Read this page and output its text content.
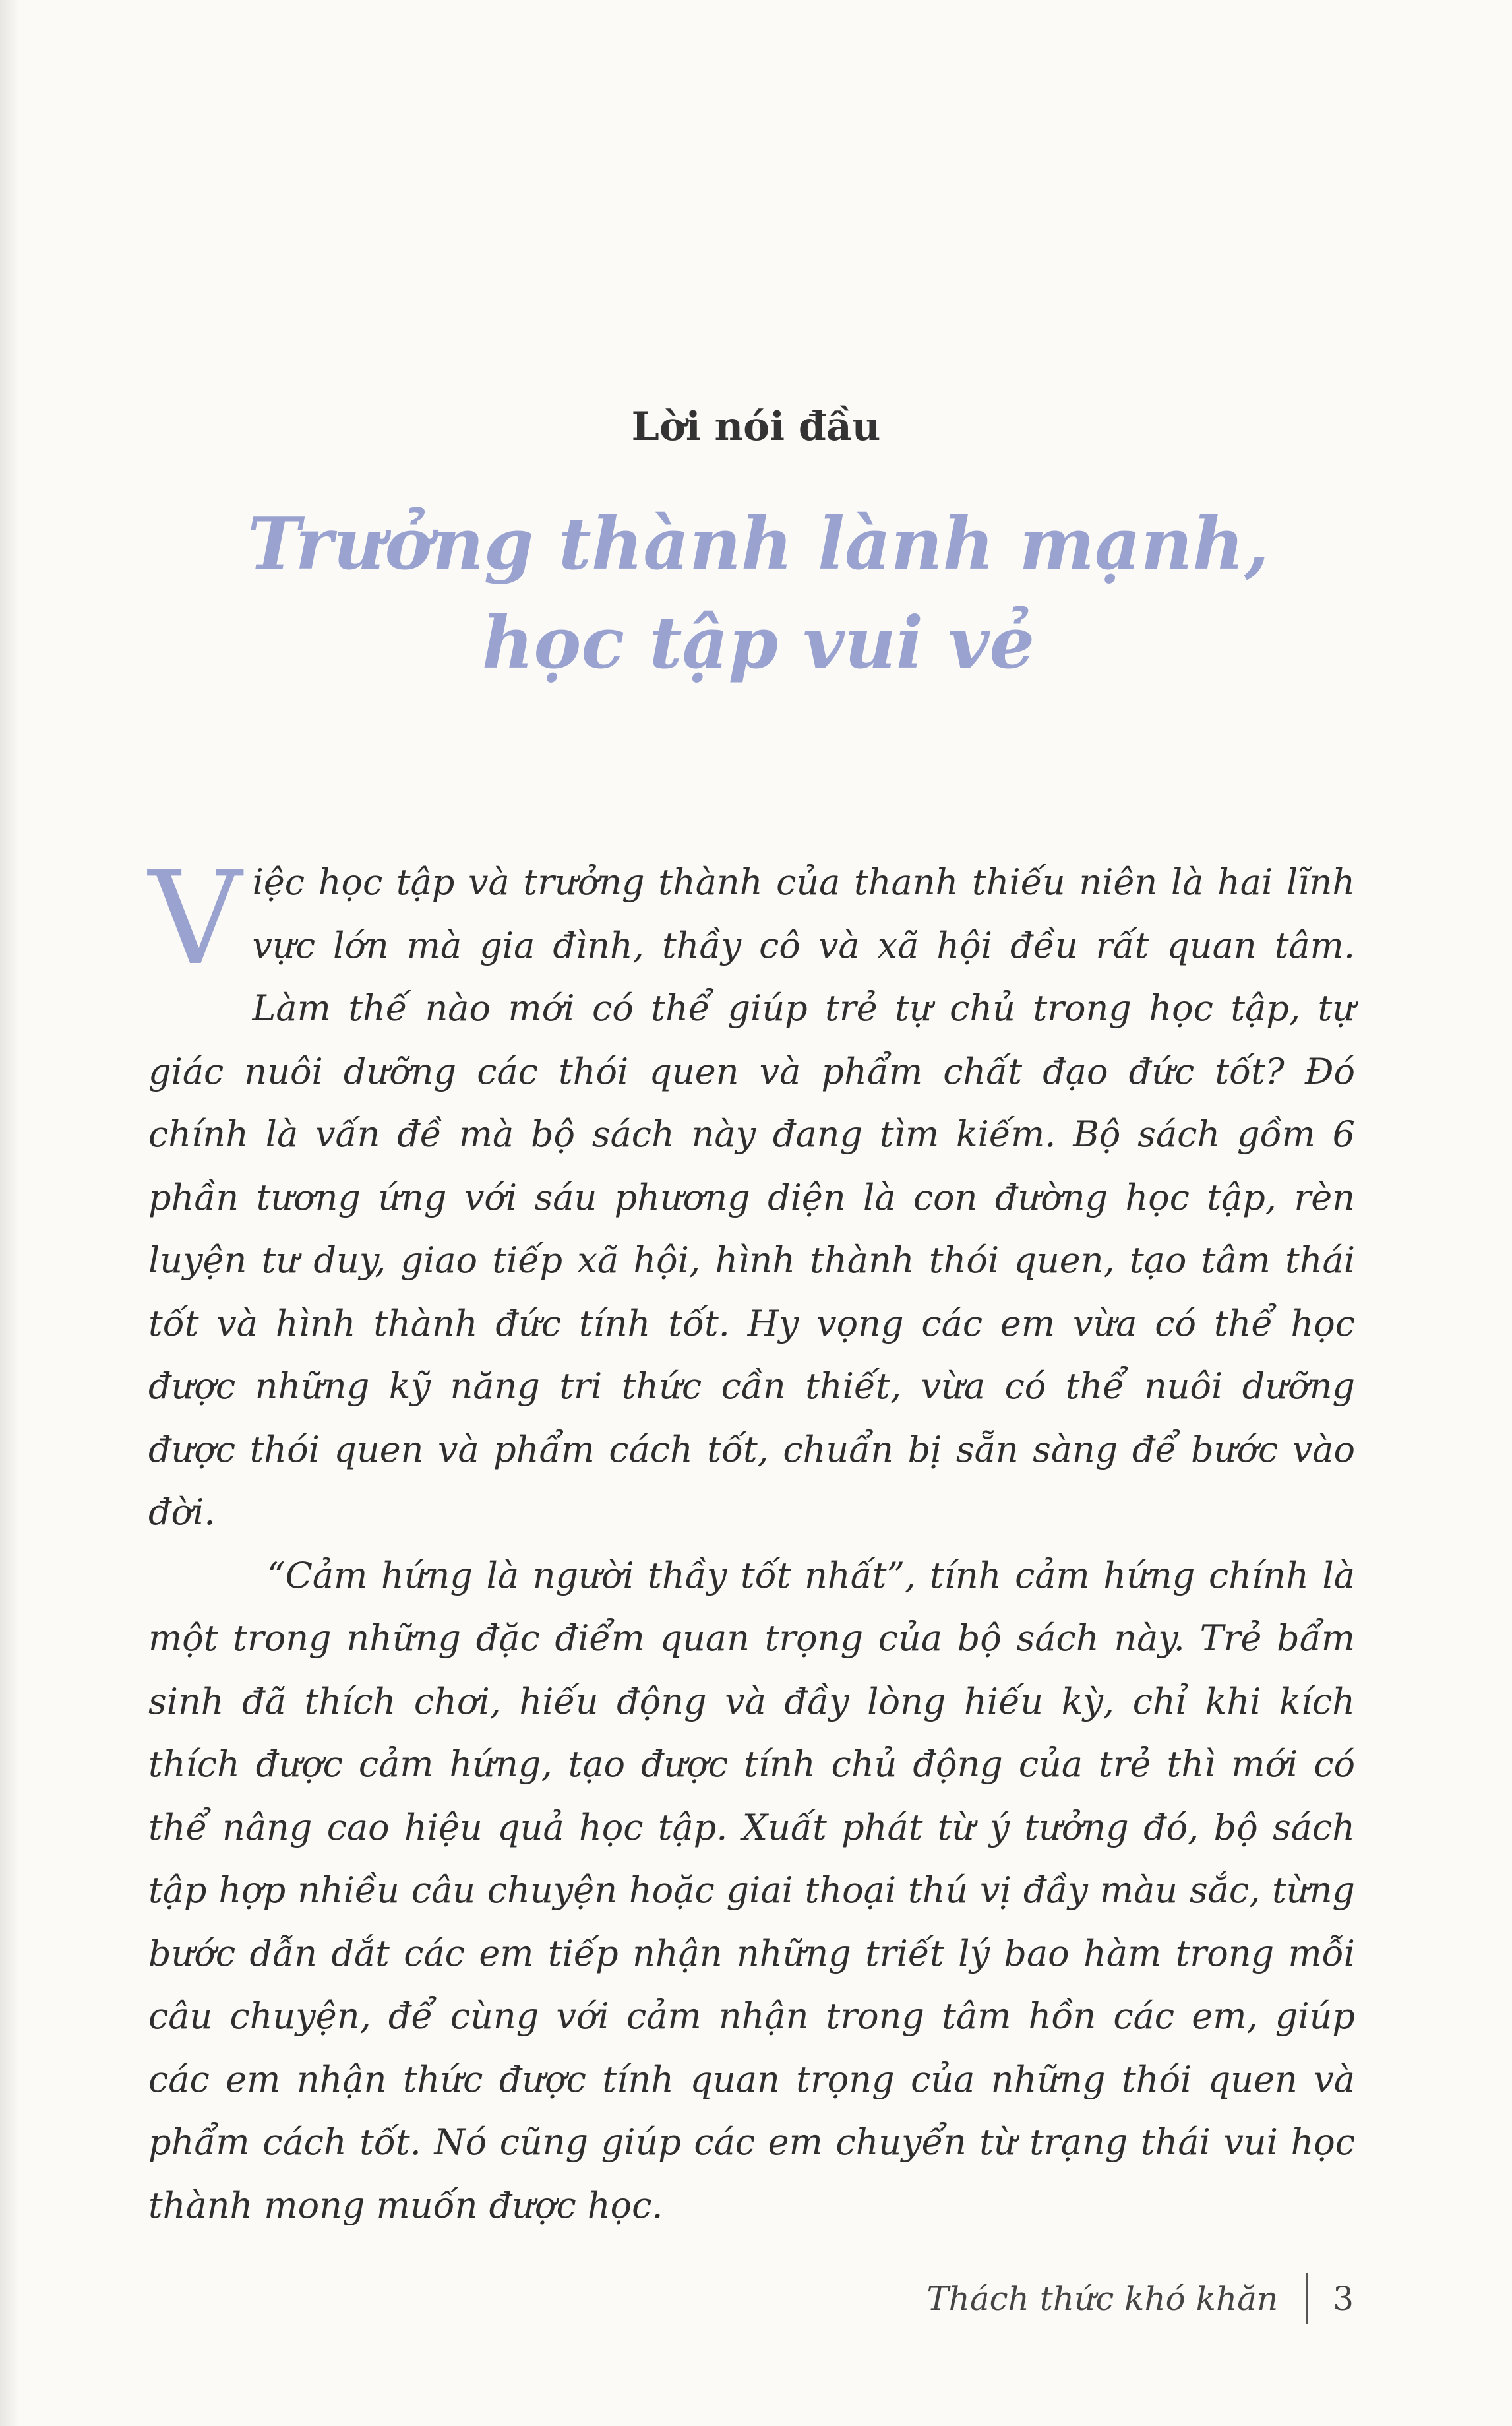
Lời nói đầu
Trưởng thành lành mạnh,
học tập vui vẻ

Việc học tập và trưởng thành của thanh thiếu niên là hai lĩnh vực lớn mà gia đình, thầy cô và xã hội đều rất quan tâm. Làm thế nào mới có thể giúp trẻ tự chủ trong học tập, tự giác nuôi dưỡng các thói quen và phẩm chất đạo đức tốt? Đó chính là vấn đề mà bộ sách này đang tìm kiếm. Bộ sách gồm 6 phần tương ứng với sáu phương diện là con đường học tập, rèn luyện tư duy, giao tiếp xã hội, hình thành thói quen, tạo tâm thái tốt và hình thành đức tính tốt. Hy vọng các em vừa có thể học được những kỹ năng tri thức cần thiết, vừa có thể nuôi dưỡng được thói quen và phẩm cách tốt, chuẩn bị sẵn sàng để bước vào đời.

“Cảm hứng là người thầy tốt nhất”, tính cảm hứng chính là một trong những đặc điểm quan trọng của bộ sách này. Trẻ bẩm sinh đã thích chơi, hiếu động và đầy lòng hiếu kỳ, chỉ khi kích thích được cảm hứng, tạo được tính chủ động của trẻ thì mới có thể nâng cao hiệu quả học tập. Xuất phát từ ý tưởng đó, bộ sách tập hợp nhiều câu chuyện hoặc giai thoại thú vị đầy màu sắc, từng bước dẫn dắt các em tiếp nhận những triết lý bao hàm trong mỗi câu chuyện, để cùng với cảm nhận trong tâm hồn các em, giúp các em nhận thức được tính quan trọng của những thói quen và phẩm cách tốt. Nó cũng giúp các em chuyển từ trạng thái vui học thành mong muốn được học.

Thách thức khó khăn 3
